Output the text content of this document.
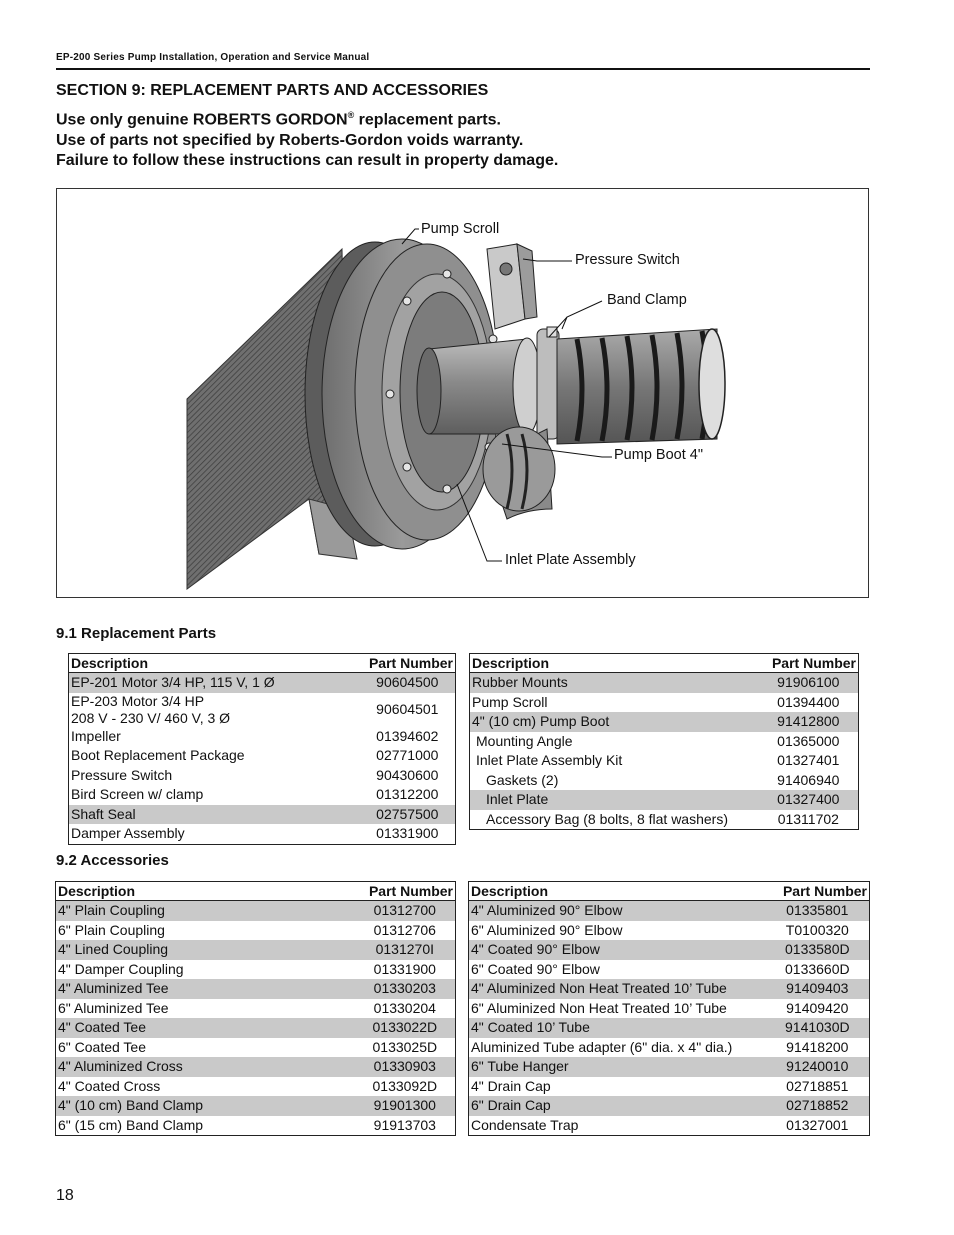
EP-200 Series Pump Installation, Operation and Service Manual
SECTION 9: REPLACEMENT PARTS AND ACCESSORIES
Use only genuine ROBERTS GORDON® replacement parts.
Use of parts not specified by Roberts-Gordon voids warranty.
Failure to follow these instructions can result in property damage.
Pump Scroll
Pressure Switch
Band Clamp
Pump Boot 4"
Inlet Plate Assembly
9.1 Replacement Parts
Description	Part Number
EP-201 Motor 3/4 HP, 115 V, 1 Ø	90604500
EP-203 Motor 3/4 HP
208 V - 230 V/ 460 V, 3 Ø	90604501
Impeller	01394602
Boot Replacement Package	02771000
Pressure Switch	90430600
Bird Screen w/ clamp	01312200
Shaft Seal	02757500
Damper Assembly	01331900
Description	Part Number
Rubber Mounts	91906100
Pump Scroll	01394400
4" (10 cm) Pump Boot	91412800
Mounting Angle	01365000
Inlet Plate Assembly Kit	01327401
Gaskets (2)	91406940
Inlet Plate	01327400
Accessory Bag (8 bolts, 8 flat washers)	01311702
9.2 Accessories
Description	Part Number
4" Plain Coupling	01312700
6" Plain Coupling	01312706
4" Lined Coupling	0131270I
4" Damper Coupling	01331900
4" Aluminized Tee	01330203
6" Aluminized Tee	01330204
4" Coated Tee	0133022D
6" Coated Tee	0133025D
4" Aluminized Cross	01330903
4" Coated Cross	0133092D
4" (10 cm) Band Clamp	91901300
6" (15 cm) Band Clamp	91913703
Description	Part Number
4" Aluminized 90° Elbow	01335801
6" Aluminized 90° Elbow	T0100320
4" Coated 90° Elbow	0133580D
6" Coated 90° Elbow	0133660D
4" Aluminized Non Heat Treated 10’ Tube	91409403
6" Aluminized Non Heat Treated 10’ Tube	91409420
4" Coated 10’ Tube	9141030D
Aluminized Tube adapter (6" dia. x 4" dia.)	91418200
6" Tube Hanger	91240010
4" Drain Cap	02718851
6" Drain Cap	02718852
Condensate Trap	01327001
18
